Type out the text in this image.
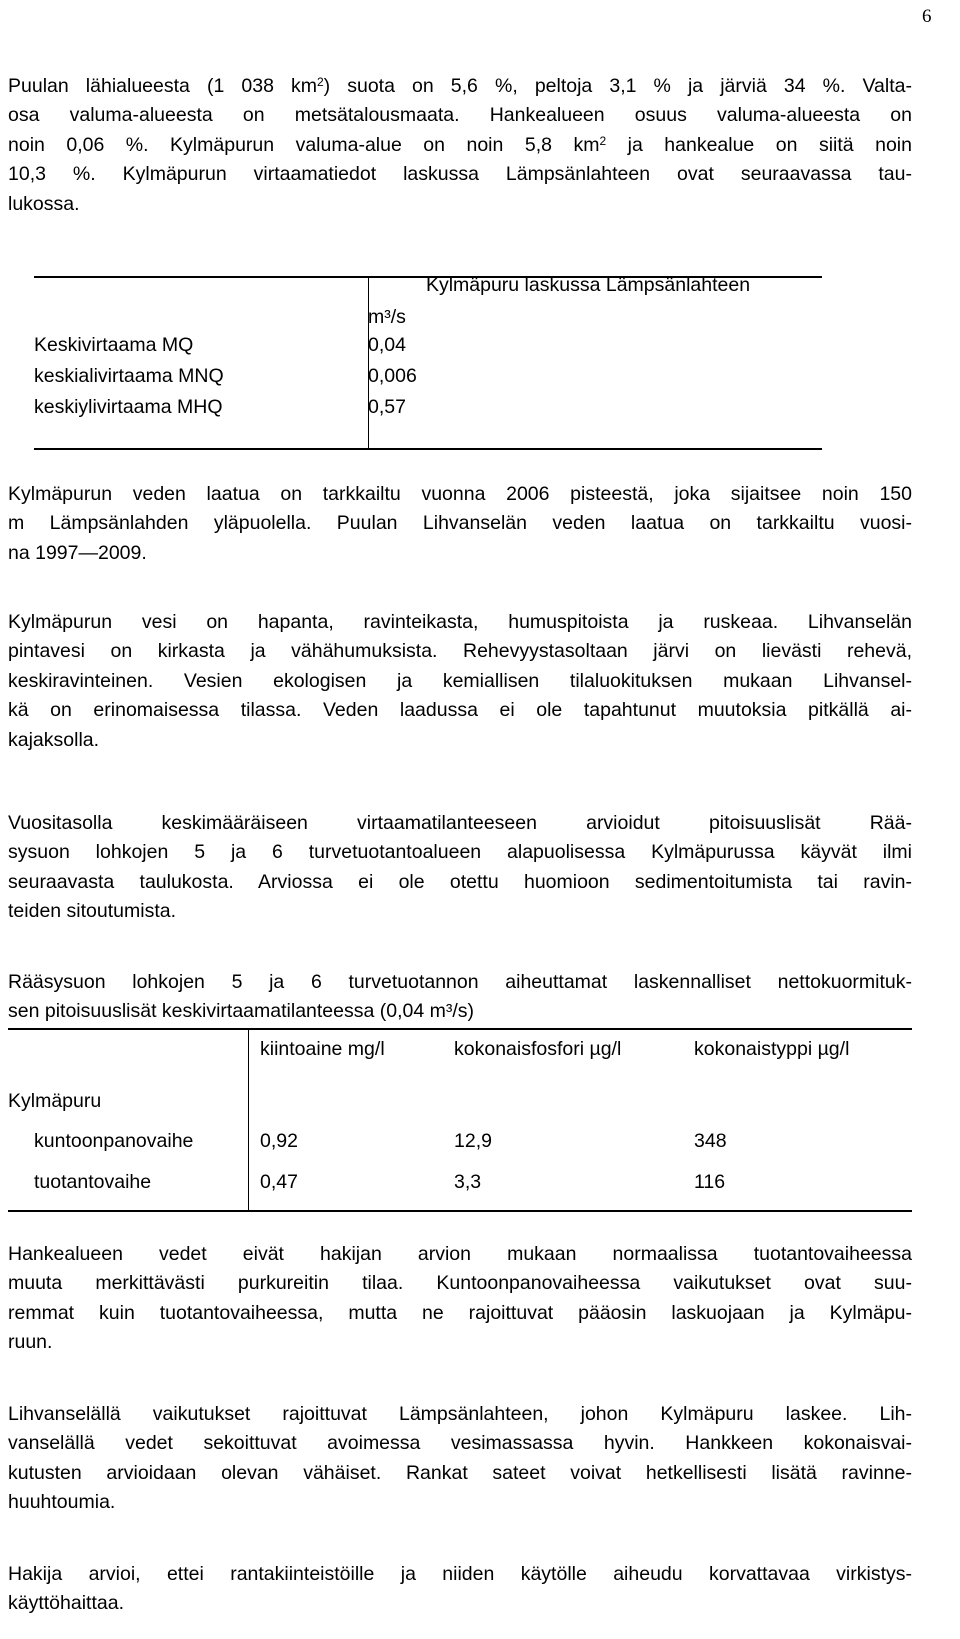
6
Puulan lähialueesta (1 038 $km^2$) suota on 5,6 %, peltoja 3,1 % ja järviä 34 %. Valta-
osa valuma-alueesta on metsätalousmaata. Hankealueen osuus valuma-alueesta on
noin 0,06 %. Kylmäpurun valuma-alue on noin 5,8 $km^2$ ja hankealue on siitä noin
10,3 %. Kylmäpurun virtaamatiedot laskussa Lämpsänlahteen ovat seuraavassa tau-
lukossa.
Kylmäpuru laskussa Lämpsänlahteen
m³/s
Keskivirtaama MQ	0,04
keskialivirtaama MNQ	0,006
keskiylivirtaama MHQ	0,57
Kylmäpurun veden laatua on tarkkailtu vuonna 2006 pisteestä, joka sijaitsee noin 150
m Lämpsänlahden yläpuolella. Puulan Lihvanselän veden laatua on tarkkailtu vuosi-
na 1997—2009.
Kylmäpurun vesi on hapanta, ravinteikasta, humuspitoista ja ruskeaa. Lihvanselän
pintavesi on kirkasta ja vähähumuksista. Rehevyystasoltaan järvi on lievästi rehevä,
keskiravinteinen. Vesien ekologisen ja kemiallisen tilaluokituksen mukaan Lihvansel-
kä on erinomaisessa tilassa. Veden laadussa ei ole tapahtunut muutoksia pitkällä ai-
kajaksolla.
Vuositasolla keskimääräiseen virtaamatilanteeseen arvioidut pitoisuuslisät Rää-
sysuon lohkojen 5 ja 6 turvetuotantoalueen alapuolisessa Kylmäpurussa käyvät ilmi
seuraavasta taulukosta. Arviossa ei ole otettu huomioon sedimentoitumista tai ravin-
teiden sitoutumista.
Rääsysuon lohkojen 5 ja 6 turvetuotannon aiheuttamat laskennalliset nettokuormituk-
sen pitoisuuslisät keskivirtaamatilanteessa (0,04 m³/s)
kiintoaine mg/l	kokonaisfosfori µg/l	kokonaistyppi µg/l
Kylmäpuru
kuntoonpanovaihe	0,92	12,9	348
tuotantovaihe	0,47	3,3	116
Hankealueen vedet eivät hakijan arvion mukaan normaalissa tuotantovaiheessa
muuta merkittävästi purkureitin tilaa. Kuntoonpanovaiheessa vaikutukset ovat suu-
remmat kuin tuotantovaiheessa, mutta ne rajoittuvat pääosin laskuojaan ja Kylmäpu-
ruun.
Lihvanselällä vaikutukset rajoittuvat Lämpsänlahteen, johon Kylmäpuru laskee. Lih-
vanselällä vedet sekoittuvat avoimessa vesimassassa hyvin. Hankkeen kokonaisvai-
kutusten arvioidaan olevan vähäiset. Rankat sateet voivat hetkellisesti lisätä ravinne-
huuhtoumia.
Hakija arvioi, ettei rantakiinteistöille ja niiden käytölle aiheudu korvattavaa virkistys-
käyttöhaittaa.
